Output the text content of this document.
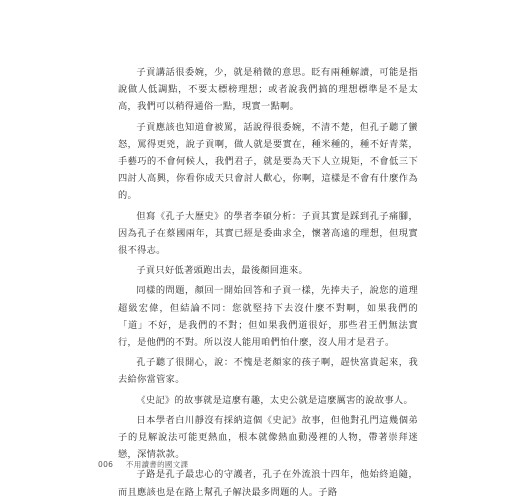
子貢講話很委婉，少，就是稍微的意思。眨有兩種解讀，可能是指說做人低調點，不要太標榜理想；或者說我們搞的理想標準是不是太高，我們可以稍得通俗一點，現實一點啊。

子貢應該也知道會被罵，話說得很委婉，不清不楚，但孔子聽了蠻怒，罵得更兇，說子貢啊，做人就是要實在，種米種的，種不好青菜，手藝巧的不會何候人，我們君子，就是要為天下人立規矩，不會低三下四討人高興，你看你成天只會討人歡心，你啊，這樣是不會有什麼作為的。

但寫《孔子大歷史》的學者李碩分析：子貢其實是踩到孔子痛腳，因為孔子在蔡國兩年，其實已經是委曲求全，懷著高遠的理想，但現實很不得志。

子貢只好低著頭跑出去，最後顏回進來。

同樣的問題，顏回一開始回答和子貢一樣，先捧夫子，說您的道理超級宏偉，但結論不同：您就堅持下去沒什麼不對啊，如果我們的「道」不好，是我們的不對；但如果我們道很好，那些君王們無法實行，是他們的不對。所以沒人能用咱們怕什麼，沒人用才是君子。

孔子聽了很開心，說：不愧是老顏家的孩子啊，趕快富貴起來，我去給你當管家。

《史記》的故事就是這麼有趣，太史公就是這麼厲害的說故事人。

日本學者白川靜沒有採納這個《史記》故事，但他對孔門這幾個弟子的見解說法可能更熱血，根本就像熱血動漫裡的人物，帶著崇拜迷戀，深情款款。

子路是孔子最忠心的守護者，孔子在外流浪十四年，他始終追隨，而且應該也是在路上幫孔子解決最多問題的人。子路

006 不用讀書的國文課
